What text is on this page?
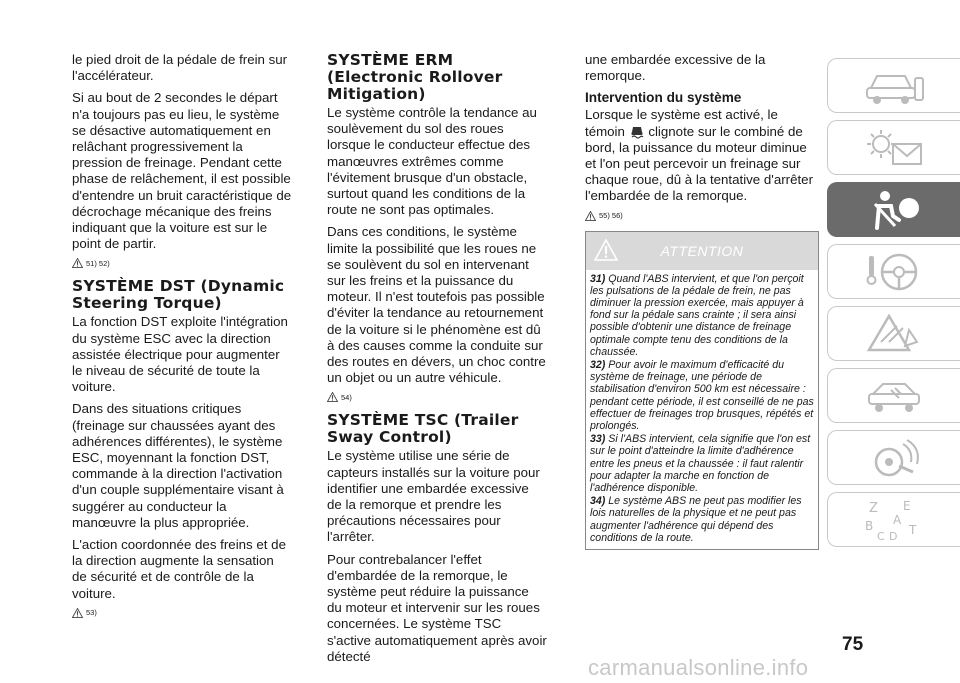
le pied droit de la pédale de frein sur l'accélérateur.

Si au bout de 2 secondes le départ n'a toujours pas eu lieu, le système se désactive automatiquement en relâchant progressivement la pression de freinage. Pendant cette phase de relâchement, il est possible d'entendre un bruit caractéristique de décrochage mécanique des freins indiquant que la voiture est sur le point de partir.

51) 52)
SYSTÈME DST (Dynamic Steering Torque)

La fonction DST exploite l'intégration du système ESC avec la direction assistée électrique pour augmenter le niveau de sécurité de toute la voiture.

Dans des situations critiques (freinage sur chaussées ayant des adhérences différentes), le système ESC, moyennant la fonction DST, commande à la direction l'activation d'un couple supplémentaire visant à suggérer au conducteur la manœuvre la plus appropriée.

L'action coordonnée des freins et de la direction augmente la sensation de sécurité et de contrôle de la voiture.

53)
SYSTÈME ERM (Electronic Rollover Mitigation)

Le système contrôle la tendance au soulèvement du sol des roues lorsque le conducteur effectue des manœuvres extrêmes comme l'évitement brusque d'un obstacle, surtout quand les conditions de la route ne sont pas optimales.

Dans ces conditions, le système limite la possibilité que les roues ne se soulèvent du sol en intervenant sur les freins et la puissance du moteur. Il n'est toutefois pas possible d'éviter la tendance au retournement de la voiture si le phénomène est dû à des causes comme la conduite sur des routes en dévers, un choc contre un objet ou un autre véhicule.

54)
SYSTÈME TSC (Trailer Sway Control)

Le système utilise une série de capteurs installés sur la voiture pour identifier une embardée excessive de la remorque et prendre les précautions nécessaires pour l'arrêter.

Pour contrebalancer l'effet d'embardée de la remorque, le système peut réduire la puissance du moteur et intervenir sur les roues concernées. Le système TSC s'active automatiquement après avoir détecté

une embardée excessive de la remorque.

Intervention du système

Lorsque le système est activé, le témoin clignote sur le combiné de bord, la puissance du moteur diminue et l'on peut percevoir un freinage sur chaque roue, dû à la tentative d'arrêter l'embardée de la remorque.

55) 56)
ATTENTION

31) Quand l'ABS intervient, et que l'on perçoit les pulsations de la pédale de frein, ne pas diminuer la pression exercée, mais appuyer à fond sur la pédale sans crainte ; il sera ainsi possible d'obtenir une distance de freinage optimale compte tenu des conditions de la chaussée.

32) Pour avoir le maximum d'efficacité du système de freinage, une période de stabilisation d'environ 500 km est nécessaire : pendant cette période, il est conseillé de ne pas effectuer de freinages trop brusques, répétés et prolongés.

33) Si l'ABS intervient, cela signifie que l'on est sur le point d'atteindre la limite d'adhérence entre les pneus et la chaussée : il faut ralentir pour adapter la marche en fonction de l'adhérence disponible.

34) Le système ABS ne peut pas modifier les lois naturelles de la physique et ne peut pas augmenter l'adhérence qui dépend des conditions de la route.

Z E
B A
C D T
75
carmanualsonline.info
